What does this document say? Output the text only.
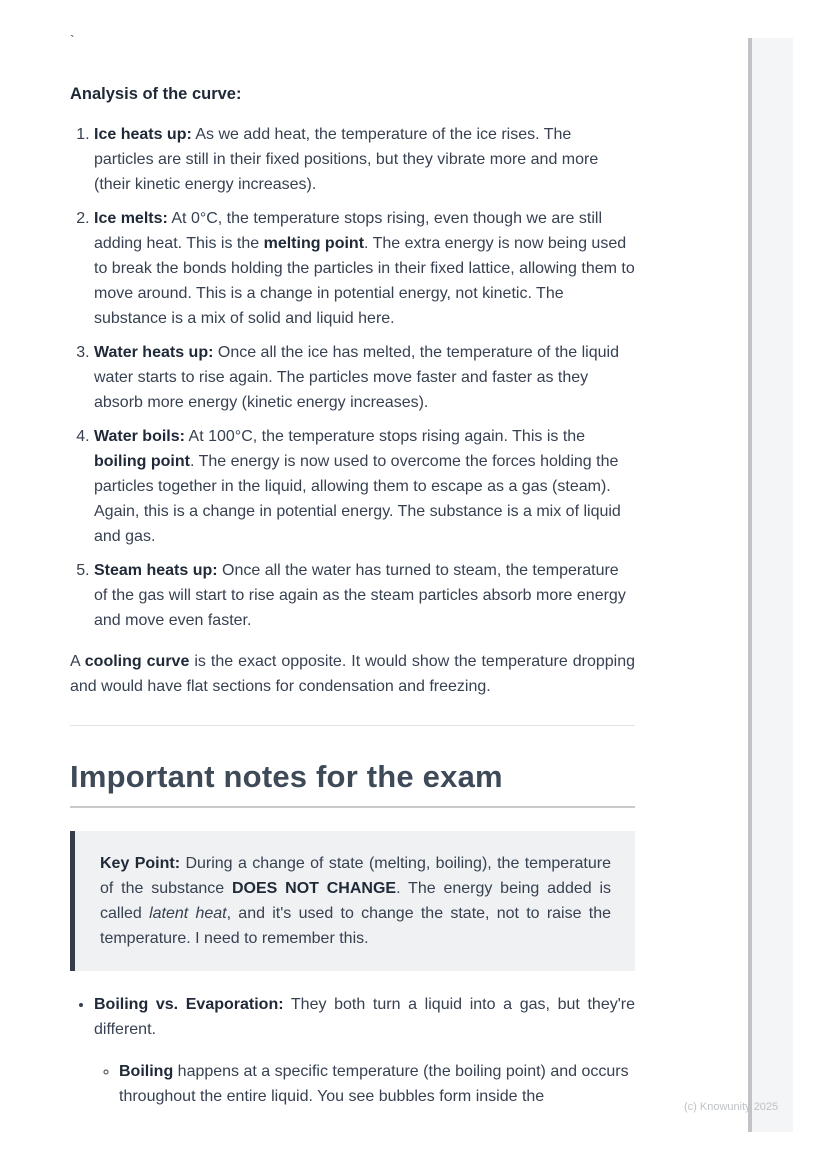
`
Analysis of the curve:
1. Ice heats up: As we add heat, the temperature of the ice rises. The particles are still in their fixed positions, but they vibrate more and more (their kinetic energy increases).
2. Ice melts: At 0°C, the temperature stops rising, even though we are still adding heat. This is the melting point. The extra energy is now being used to break the bonds holding the particles in their fixed lattice, allowing them to move around. This is a change in potential energy, not kinetic. The substance is a mix of solid and liquid here.
3. Water heats up: Once all the ice has melted, the temperature of the liquid water starts to rise again. The particles move faster and faster as they absorb more energy (kinetic energy increases).
4. Water boils: At 100°C, the temperature stops rising again. This is the boiling point. The energy is now used to overcome the forces holding the particles together in the liquid, allowing them to escape as a gas (steam). Again, this is a change in potential energy. The substance is a mix of liquid and gas.
5. Steam heats up: Once all the water has turned to steam, the temperature of the gas will start to rise again as the steam particles absorb more energy and move even faster.

A cooling curve is the exact opposite. It would show the temperature dropping and would have flat sections for condensation and freezing.

Important notes for the exam
Key Point: During a change of state (melting, boiling), the temperature of the substance DOES NOT CHANGE. The energy being added is called latent heat, and it's used to change the state, not to raise the temperature. I need to remember this.
• Boiling vs. Evaporation: They both turn a liquid into a gas, but they're different.
◦ Boiling happens at a specific temperature (the boiling point) and occurs throughout the entire liquid. You see bubbles form inside the
(c) Knowunity 2025
